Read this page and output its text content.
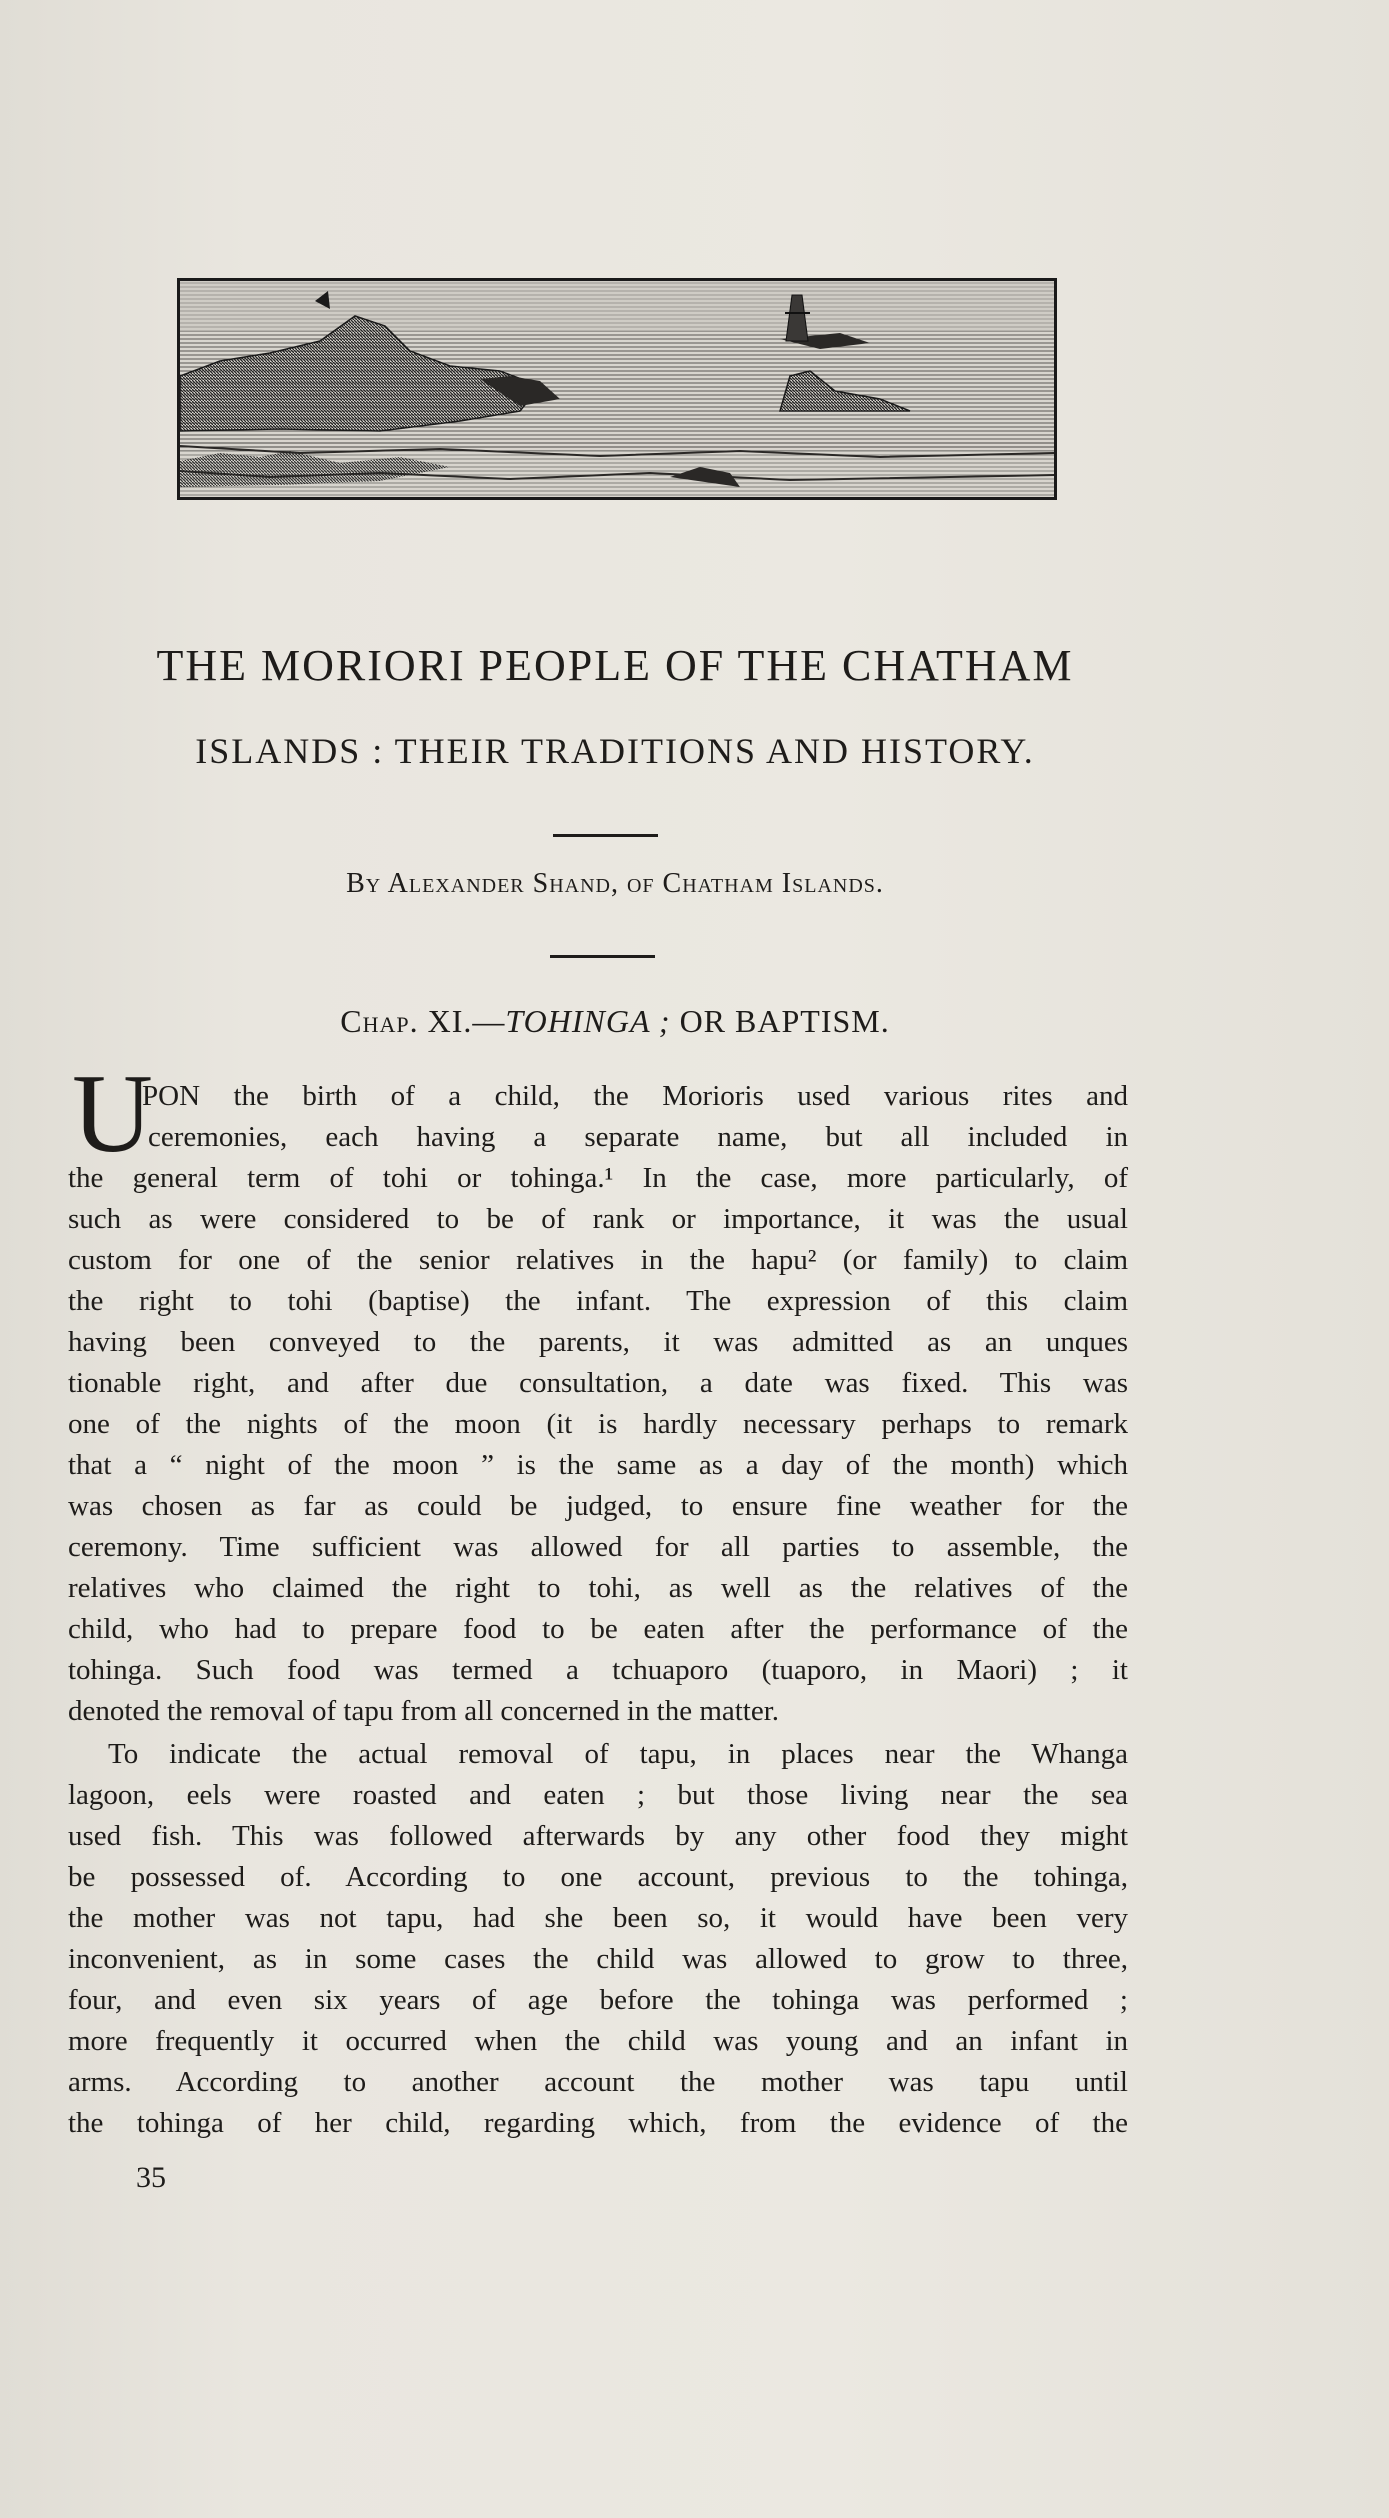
THE MORIORI PEOPLE OF THE CHATHAM
ISLANDS : THEIR TRADITIONS AND HISTORY.
By Alexander Shand, of Chatham Islands.
Chap. XI.—TOHINGA ; OR BAPTISM.
U
PON the birth of a child, the Morioris used various rites and
ceremonies, each having a separate name, but all included in
the general term of tohi or tohinga.¹ In the case, more particularly, of
such as were considered to be of rank or importance, it was the usual
custom for one of the senior relatives in the hapu² (or family) to claim
the right to tohi (baptise) the infant. The expression of this claim
having been conveyed to the parents, it was admitted as an unques
tionable right, and after due consultation, a date was fixed. This was
one of the nights of the moon (it is hardly necessary perhaps to remark
that a “ night of the moon ” is the same as a day of the month) which
was chosen as far as could be judged, to ensure fine weather for the
ceremony. Time sufficient was allowed for all parties to assemble, the
relatives who claimed the right to tohi, as well as the relatives of the
child, who had to prepare food to be eaten after the performance of the
tohinga. Such food was termed a tchuaporo (tuaporo, in Maori) ; it
denoted the removal of tapu from all concerned in the matter.
To indicate the actual removal of tapu, in places near the Whanga
lagoon, eels were roasted and eaten ; but those living near the sea
used fish. This was followed afterwards by any other food they might
be possessed of. According to one account, previous to the tohinga,
the mother was not tapu, had she been so, it would have been very
inconvenient, as in some cases the child was allowed to grow to three,
four, and even six years of age before the tohinga was performed ;
more frequently it occurred when the child was young and an infant in
arms. According to another account the mother was tapu until
the tohinga of her child, regarding which, from the evidence of the
35
